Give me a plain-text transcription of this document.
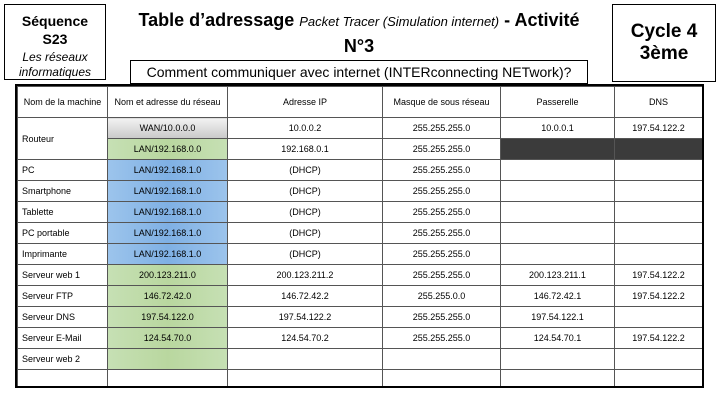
Séquence
S23
Les réseaux informatiques
Table d’adressage Packet Tracer (Simulation internet) - Activité
N°3
Comment communiquer avec internet (INTERconnecting NETwork)?
Cycle 4
3ème
Nom de la machine	Nom et adresse du réseau	Adresse IP	Masque de sous réseau	Passerelle	DNS
Routeur	WAN/10.0.0.0	10.0.0.2	255.255.255.0	10.0.0.1	197.54.122.2
	LAN/192.168.0.0	192.168.0.1	255.255.255.0		
PC	LAN/192.168.1.0	(DHCP)	255.255.255.0		
Smartphone	LAN/192.168.1.0	(DHCP)	255.255.255.0		
Tablette	LAN/192.168.1.0	(DHCP)	255.255.255.0		
PC portable	LAN/192.168.1.0	(DHCP)	255.255.255.0		
Imprimante	LAN/192.168.1.0	(DHCP)	255.255.255.0		
Serveur web 1	200.123.211.0	200.123.211.2	255.255.255.0	200.123.211.1	197.54.122.2
Serveur FTP	146.72.42.0	146.72.42.2	255.255.0.0	146.72.42.1	197.54.122.2
Serveur DNS	197.54.122.0	197.54.122.2	255.255.255.0	197.54.122.1	
Serveur E-Mail	124.54.70.0	124.54.70.2	255.255.255.0	124.54.70.1	197.54.122.2
Serveur web 2					
